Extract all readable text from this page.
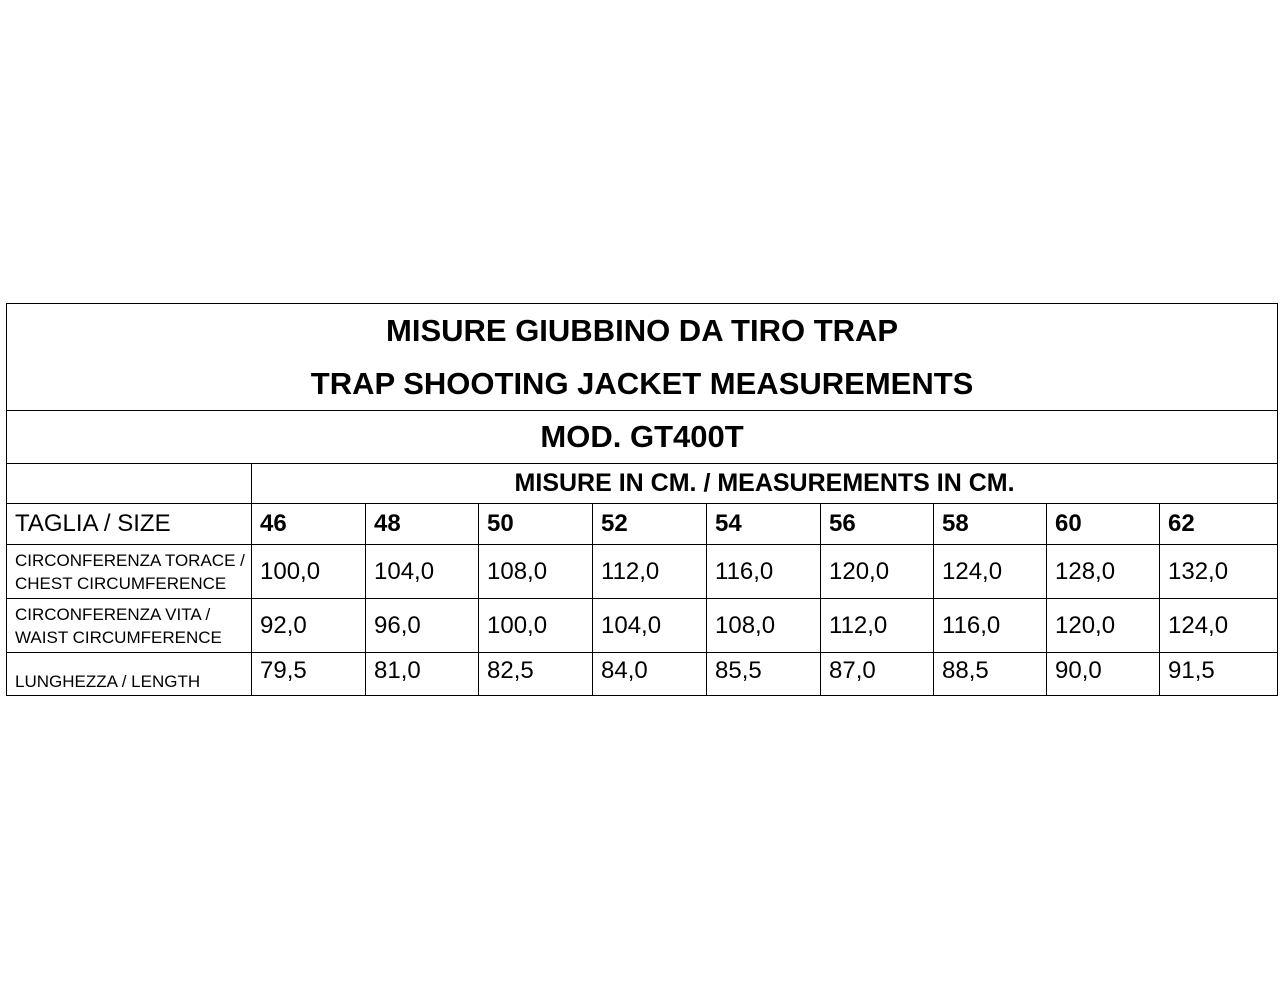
MISURE GIUBBINO DA TIRO TRAP
TRAP SHOOTING JACKET MEASUREMENTS									

MOD. GT400T									
	MISURE IN CM. / MEASUREMENTS IN CM.								
TAGLIA / SIZE	46	48	50	52	54	56	58	60	62

CIRCONFERENZA TORACE /
CHEST CIRCUMFERENCE	100,0	104,0	108,0	112,0	116,0	120,0	124,0	128,0	132,0

CIRCONFERENZA VITA /
WAIST CIRCUMFERENCE	92,0	96,0	100,0	104,0	108,0	112,0	116,0	120,0	124,0
LUNGHEZZA / LENGTH	79,5	81,0	82,5	84,0	85,5	87,0	88,5	90,0	91,5
